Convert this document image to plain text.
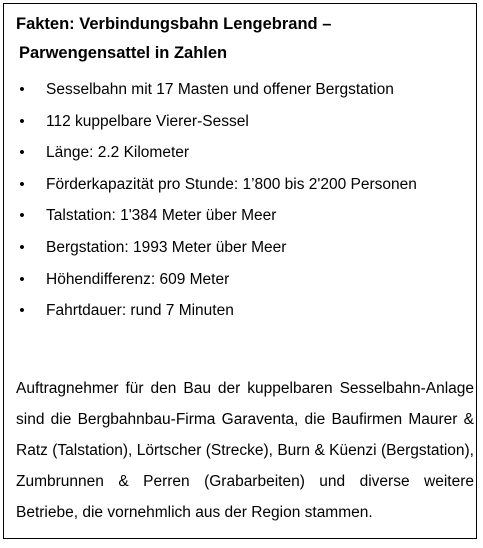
Fakten: Verbindungsbahn Lengebrand –
Parwengensattel in Zahlen
• Sesselbahn mit 17 Masten und offener Bergstation
• 112 kuppelbare Vierer-Sessel
• Länge: 2.2 Kilometer
• Förderkapazität pro Stunde: 1’800 bis 2'200 Personen
• Talstation: 1'384 Meter über Meer
• Bergstation: 1993 Meter über Meer
• Höhendifferenz: 609 Meter
• Fahrtdauer: rund 7 Minuten

Auftragnehmer für den Bau der kuppelbaren Sesselbahn-Anlage sind die Bergbahnbau-Firma Garaventa, die Baufirmen Maurer & Ratz (Talstation), Lörtscher (Strecke), Burn & Küenzi (Bergstation), Zumbrunnen & Perren (Grabarbeiten) und diverse weitere Betriebe, die vornehmlich aus der Region stammen.
